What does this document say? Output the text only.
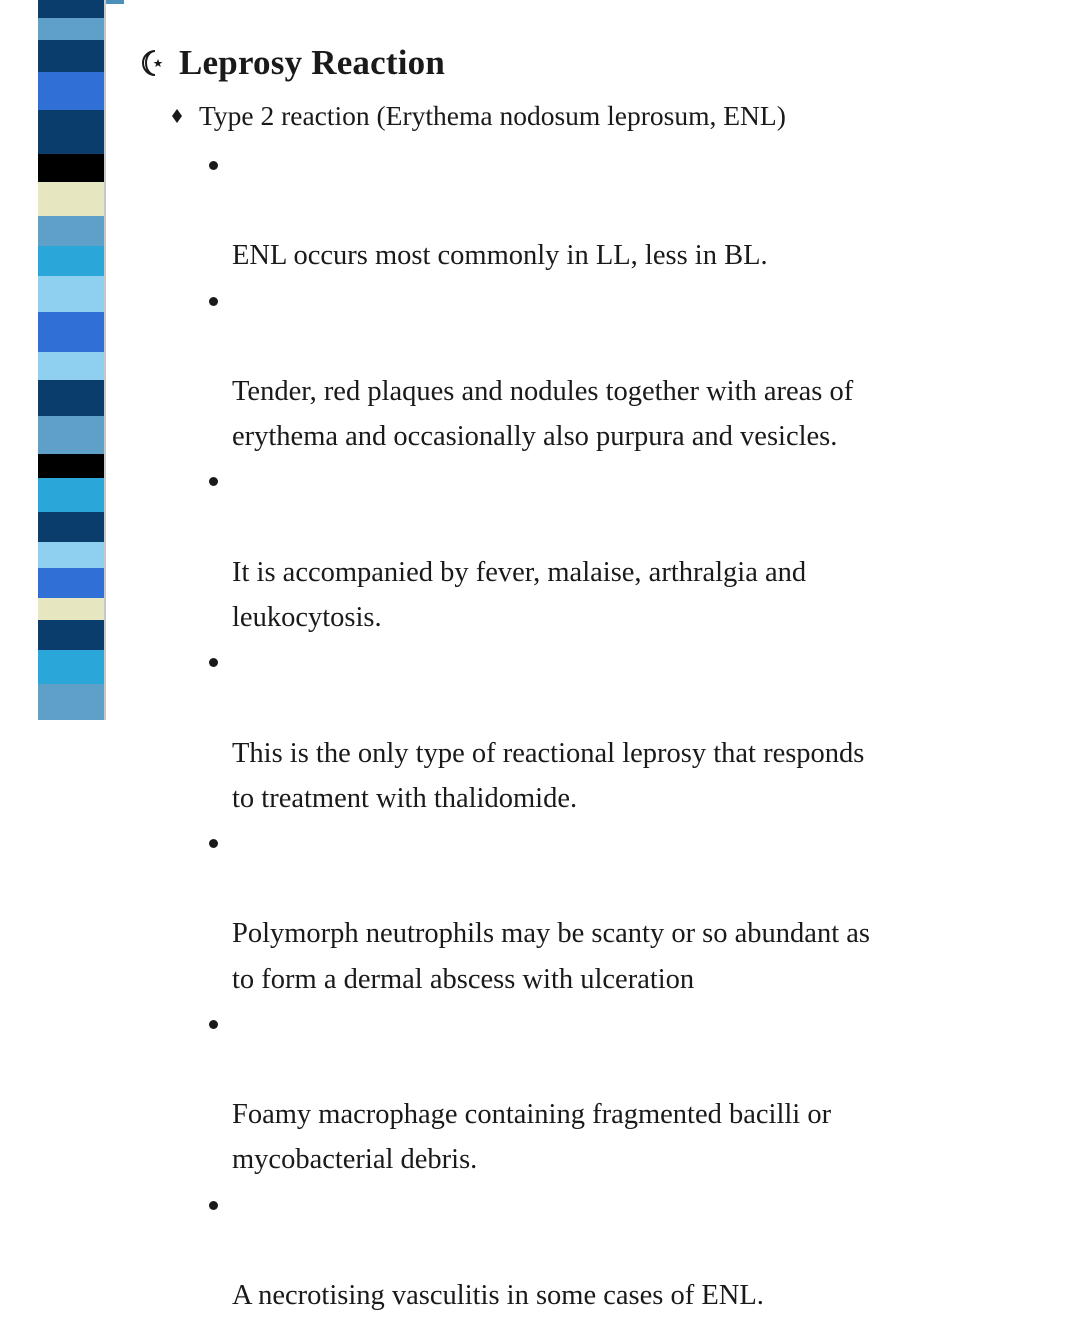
Leprosy Reaction
Type 2 reaction (Erythema nodosum leprosum, ENL)

ENL occurs most commonly in LL, less in BL.

Tender, red plaques and nodules together with areas of
erythema and occasionally also purpura and vesicles.

It is accompanied by fever, malaise, arthralgia and
leukocytosis.

This is the only type of reactional leprosy that responds
to treatment with thalidomide.

Polymorph neutrophils may be scanty or so abundant as
to form a dermal abscess with ulceration

Foamy macrophage containing fragmented bacilli or
mycobacterial debris.

A necrotising vasculitis in some cases of ENL.
